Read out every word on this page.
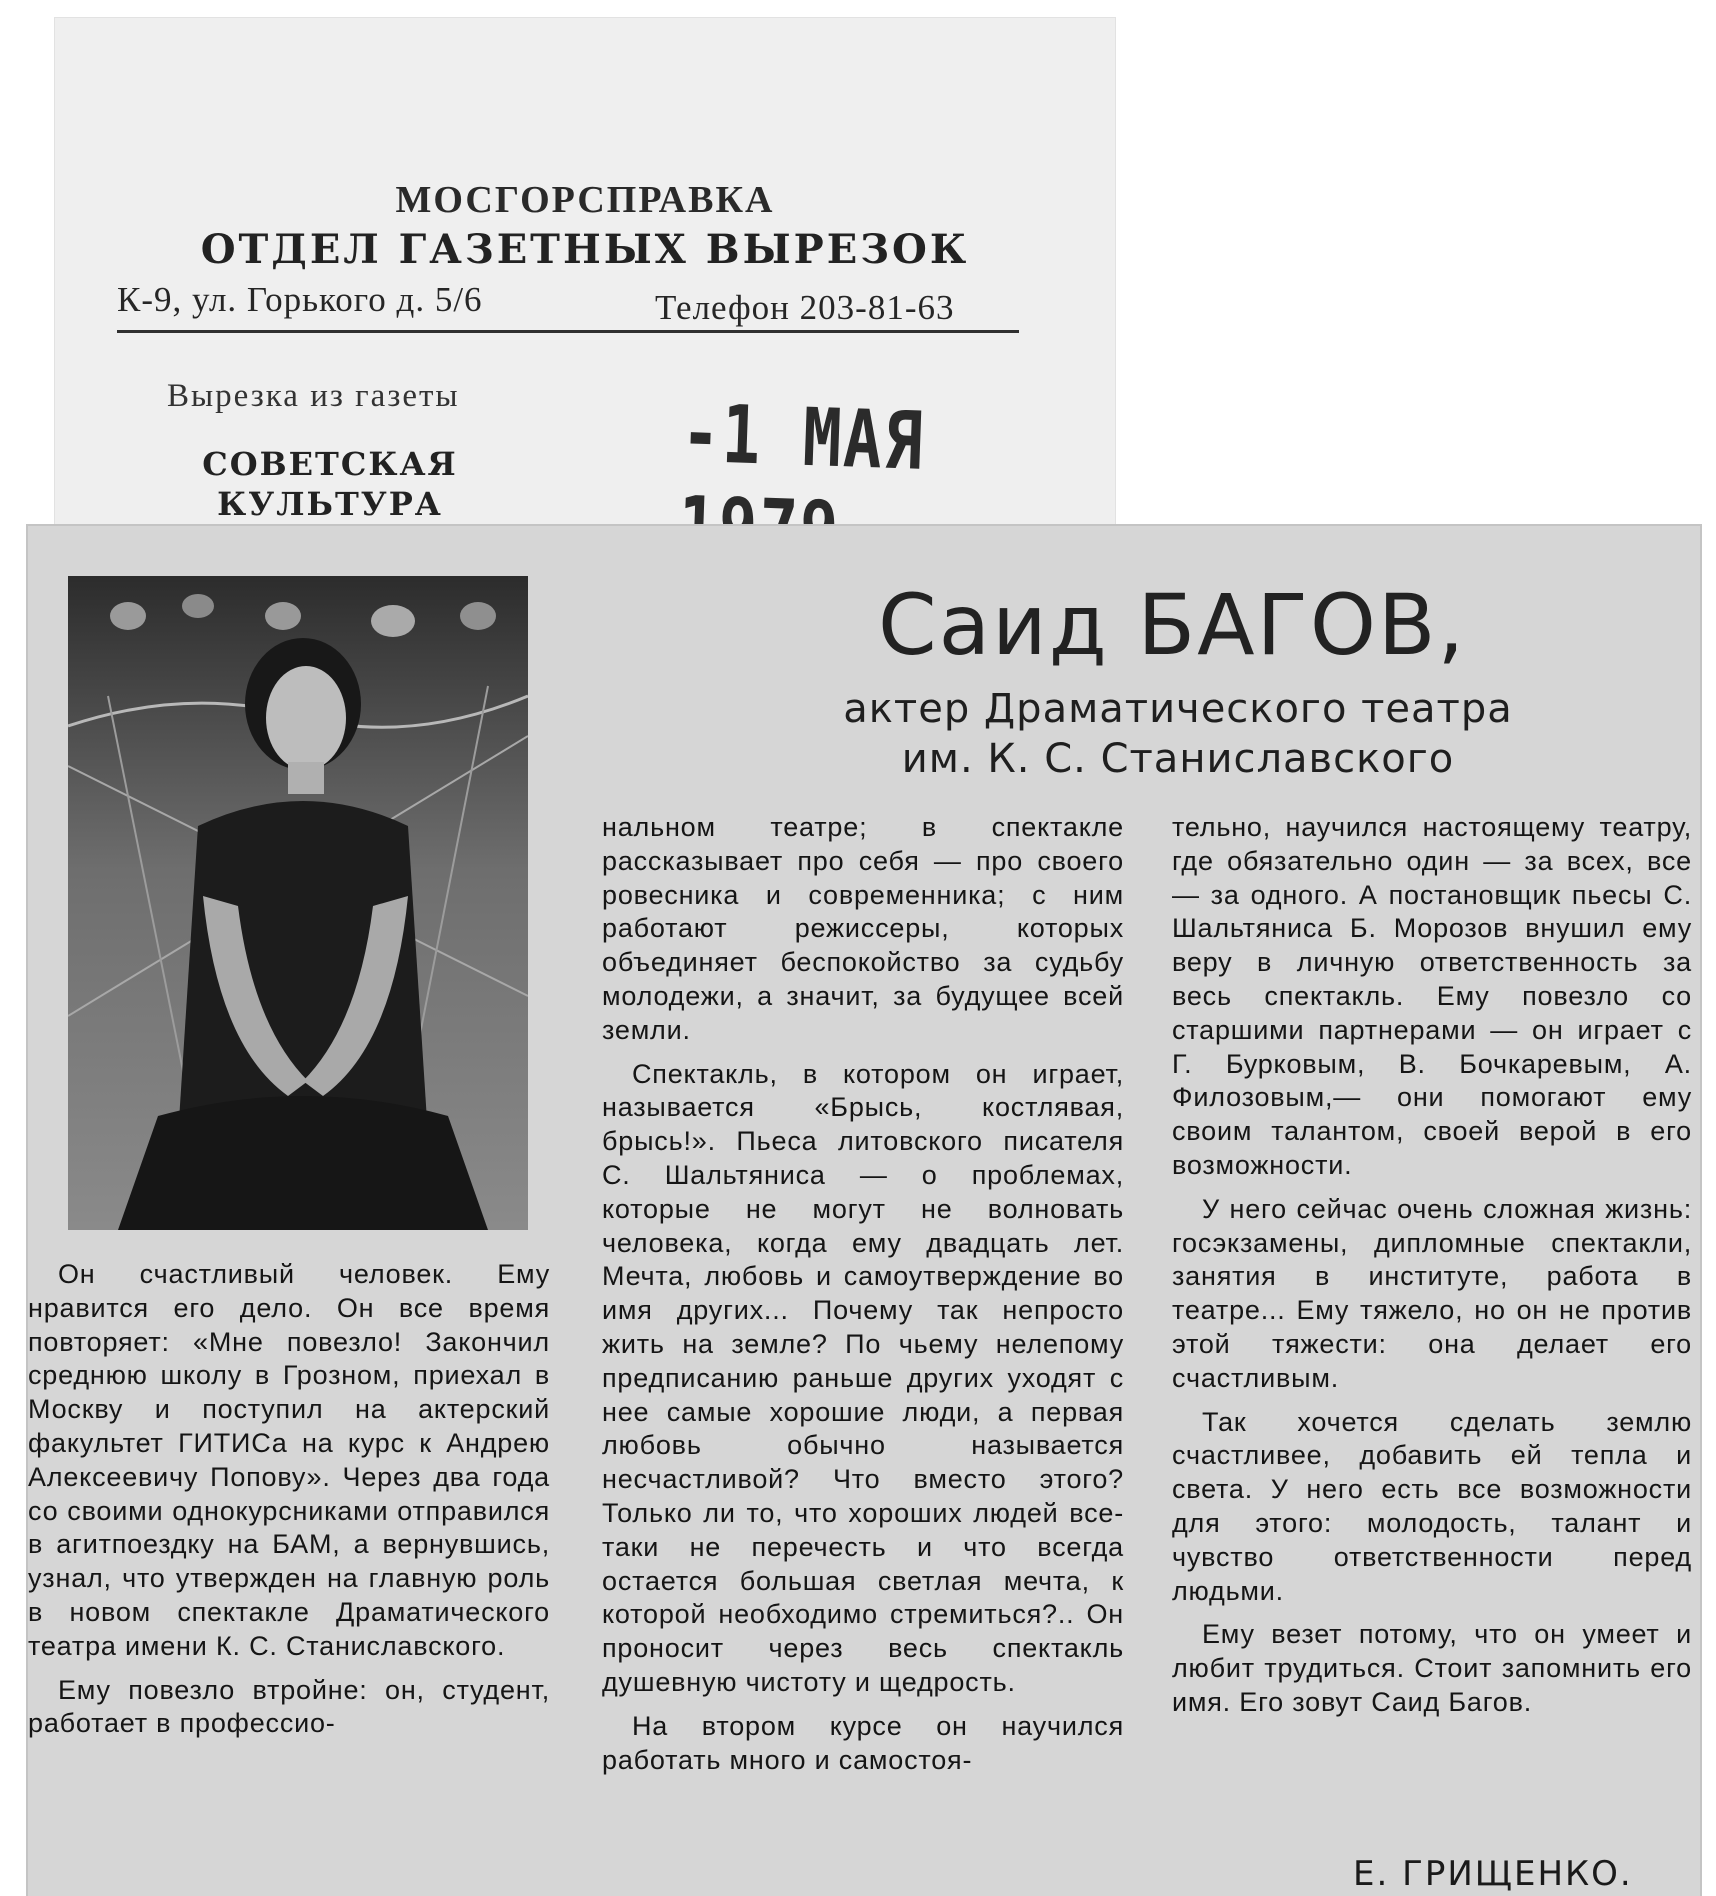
МОСГОРСПРАВКА
ОТДЕЛ ГАЗЕТНЫХ ВЫРЕЗОК
К-9, ул. Горького д. 5/6	Телефон 203-81-63
Вырезка из газеты
СОВЕТСКАЯ
КУЛЬТУРА
-1 МАЯ
Саид БАГОВ,
актер Драматического театра
им. К. С. Станиславского

Он счастливый человек. Ему нравится его дело. Он все время повторяет: «Мне повезло! Закончил среднюю школу в Грозном, приехал в Москву и поступил на актерский факультет ГИТИСа на курс к Андрею Алексеевичу Попову». Через два года со своими однокурсниками отправился в агитпоездку на БАМ, а вернувшись, узнал, что утвержден на главную роль в новом спектакле Драматического театра имени К. С. Станиславского.

Ему повезло втройне: он, студент, работает в профессио-

нальном театре; в спектакле рассказывает про себя — про своего ровесника и современника; с ним работают режиссеры, которых объединяет беспокойство за судьбу молодежи, а значит, за будущее всей земли.

Спектакль, в котором он играет, называется «Брысь, костлявая, брысь!». Пьеса литовского писателя С. Шальтяниса — о проблемах, которые не могут не волновать человека, когда ему двадцать лет. Мечта, любовь и самоутверждение во имя других... Почему так непросто жить на земле? По чьему нелепому предписанию раньше других уходят с нее самые хорошие люди, а первая любовь обычно называется несчастливой? Что вместо этого? Только ли то, что хороших людей все-таки не перечесть и что всегда остается большая светлая мечта, к которой необходимо стремиться?.. Он проносит через весь спектакль душевную чистоту и щедрость.

На втором курсе он научился работать много и самостоя-

тельно, научился настоящему театру, где обязательно один — за всех, все — за одного. А постановщик пьесы С. Шальтяниса Б. Морозов внушил ему веру в личную ответственность за весь спектакль. Ему повезло со старшими партнерами — он играет с Г. Бурковым, В. Бочкаревым, А. Филозовым,— они помогают ему своим талантом, своей верой в его возможности.

У него сейчас очень сложная жизнь: госэкзамены, дипломные спектакли, занятия в институте, работа в театре... Ему тяжело, но он не против этой тяжести: она делает его счастливым.

Так хочется сделать землю счастливее, добавить ей тепла и света. У него есть все возможности для этого: молодость, талант и чувство ответственности перед людьми.

Ему везет потому, что он умеет и любит трудиться. Стоит запомнить его имя. Его зовут Саид Багов.

Е. ГРИЩЕНКО.
